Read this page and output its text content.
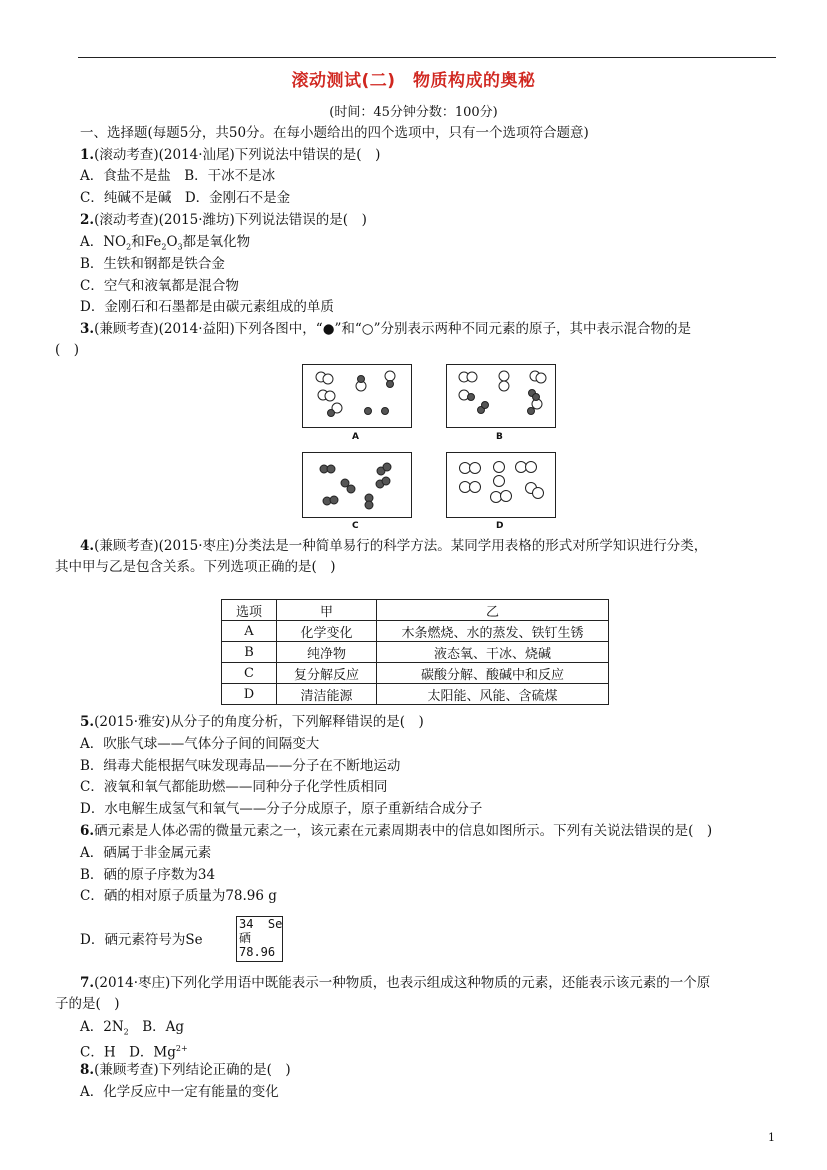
滚动测试(二)　物质构成的奥秘
(时间：45分钟分数：100分)
一、选择题(每题5分，共50分。在每小题给出的四个选项中，只有一个选项符合题意)
1.(滚动考查)(2014·汕尾)下列说法中错误的是(　)
A．食盐不是盐　B．干冰不是冰
C．纯碱不是碱　D．金刚石不是金
2.(滚动考查)(2015·潍坊)下列说法错误的是(　)
A．$NO_2$和$Fe_2O_3$都是氧化物
B．生铁和钢都是铁合金
C．空气和液氧都是混合物
D．金刚石和石墨都是由碳元素组成的单质
3.(兼顾考查)(2014·益阳)下列各图中，“●”和“○”分别表示两种不同元素的原子，其中表示混合物的是
(　)
A	B
C	D
4.(兼顾考查)(2015·枣庄)分类法是一种简单易行的科学方法。某同学用表格的形式对所学知识进行分类，
其中甲与乙是包含关系。下列选项正确的是(　)
选项	甲	乙
A	化学变化	木条燃烧、水的蒸发、铁钉生锈
B	纯净物	液态氧、干冰、烧碱
C	复分解反应	碳酸分解、酸碱中和反应
D	清洁能源	太阳能、风能、含硫煤
5.(2015·雅安)从分子的角度分析，下列解释错误的是(　)
A．吹胀气球——气体分子间的间隔变大
B．缉毒犬能根据气味发现毒品——分子在不断地运动
C．液氧和氧气都能助燃——同种分子化学性质相同
D．水电解生成氢气和氧气——分子分成原子，原子重新结合成分子
6.硒元素是人体必需的微量元素之一，该元素在元素周期表中的信息如图所示。下列有关说法错误的是(　)
A．硒属于非金属元素
B．硒的原子序数为34
C．硒的相对原子质量为78.96 g
D．硒元素符号为Se
34 Se
硒
78.96
7.(2014·枣庄)下列化学用语中既能表示一种物质，也表示组成这种物质的元素，还能表示该元素的一个原
子的是(　)
A．$2N_2$　B．Ag
C．H　D．$Mg^{2+}$
8.(兼顾考查)下列结论正确的是(　)
A．化学反应中一定有能量的变化
1
